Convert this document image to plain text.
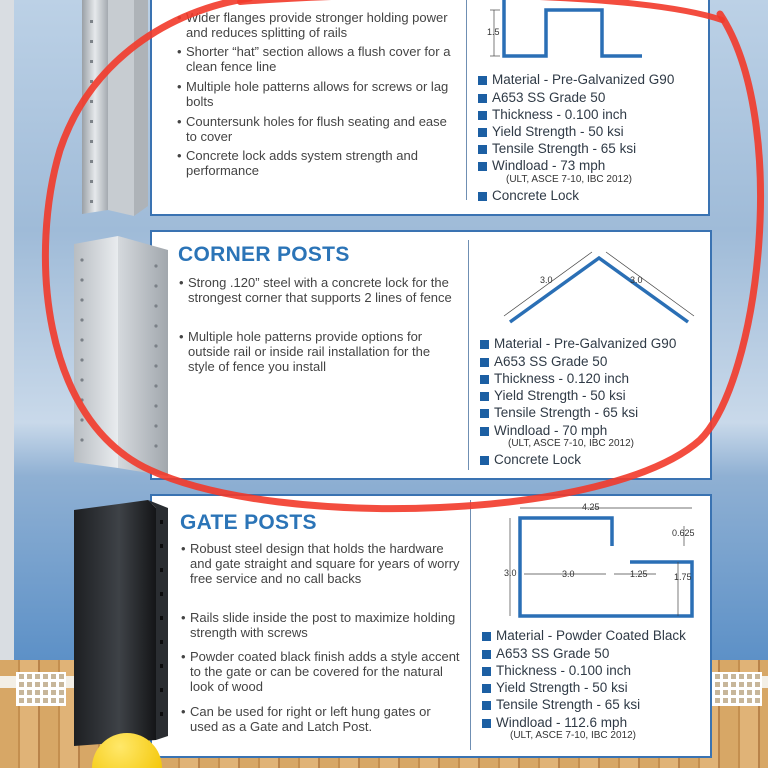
• Wider flanges provide stronger holding power and reduces splitting of rails
• Shorter “hat” section allows a flush cover for a clean fence line
• Multiple hole patterns allows for screws or lag bolts
• Countersunk holes for flush seating and ease to cover
• Concrete lock adds system strength and performance
1.5
Material - Pre-Galvanized G90
A653 SS Grade 50
Thickness - 0.100 inch
Yield Strength - 50 ksi
Tensile Strength - 65 ksi
Windload - 73 mph
(ULT, ASCE 7-10, IBC 2012)
Concrete Lock
CORNER POSTS
• Strong .120” steel with a concrete lock for the strongest corner that supports 2 lines of fence
• Multiple hole patterns provide options for outside rail or inside rail installation for the style of fence you install
3.0	3.0
Material - Pre-Galvanized G90
A653 SS Grade 50
Thickness - 0.120 inch
Yield Strength - 50 ksi
Tensile Strength - 65 ksi
Windload - 70 mph
(ULT, ASCE 7-10, IBC 2012)
Concrete Lock
GATE POSTS
• Robust steel design that holds the hardware and gate straight and square for years of worry free service and no call backs
• Rails slide inside the post to maximize holding strength with screws
• Powder coated black finish adds a style accent to the gate or can be covered for the natural look of wood
• Can be used for right or left hung gates or used as a Gate and Latch Post.
4.25
0.625
3.0	3.0	1.25	1.75
Material - Powder Coated Black
A653 SS Grade 50
Thickness - 0.100 inch
Yield Strength - 50 ksi
Tensile Strength - 65 ksi
Windload - 112.6 mph
(ULT, ASCE 7-10, IBC 2012)
